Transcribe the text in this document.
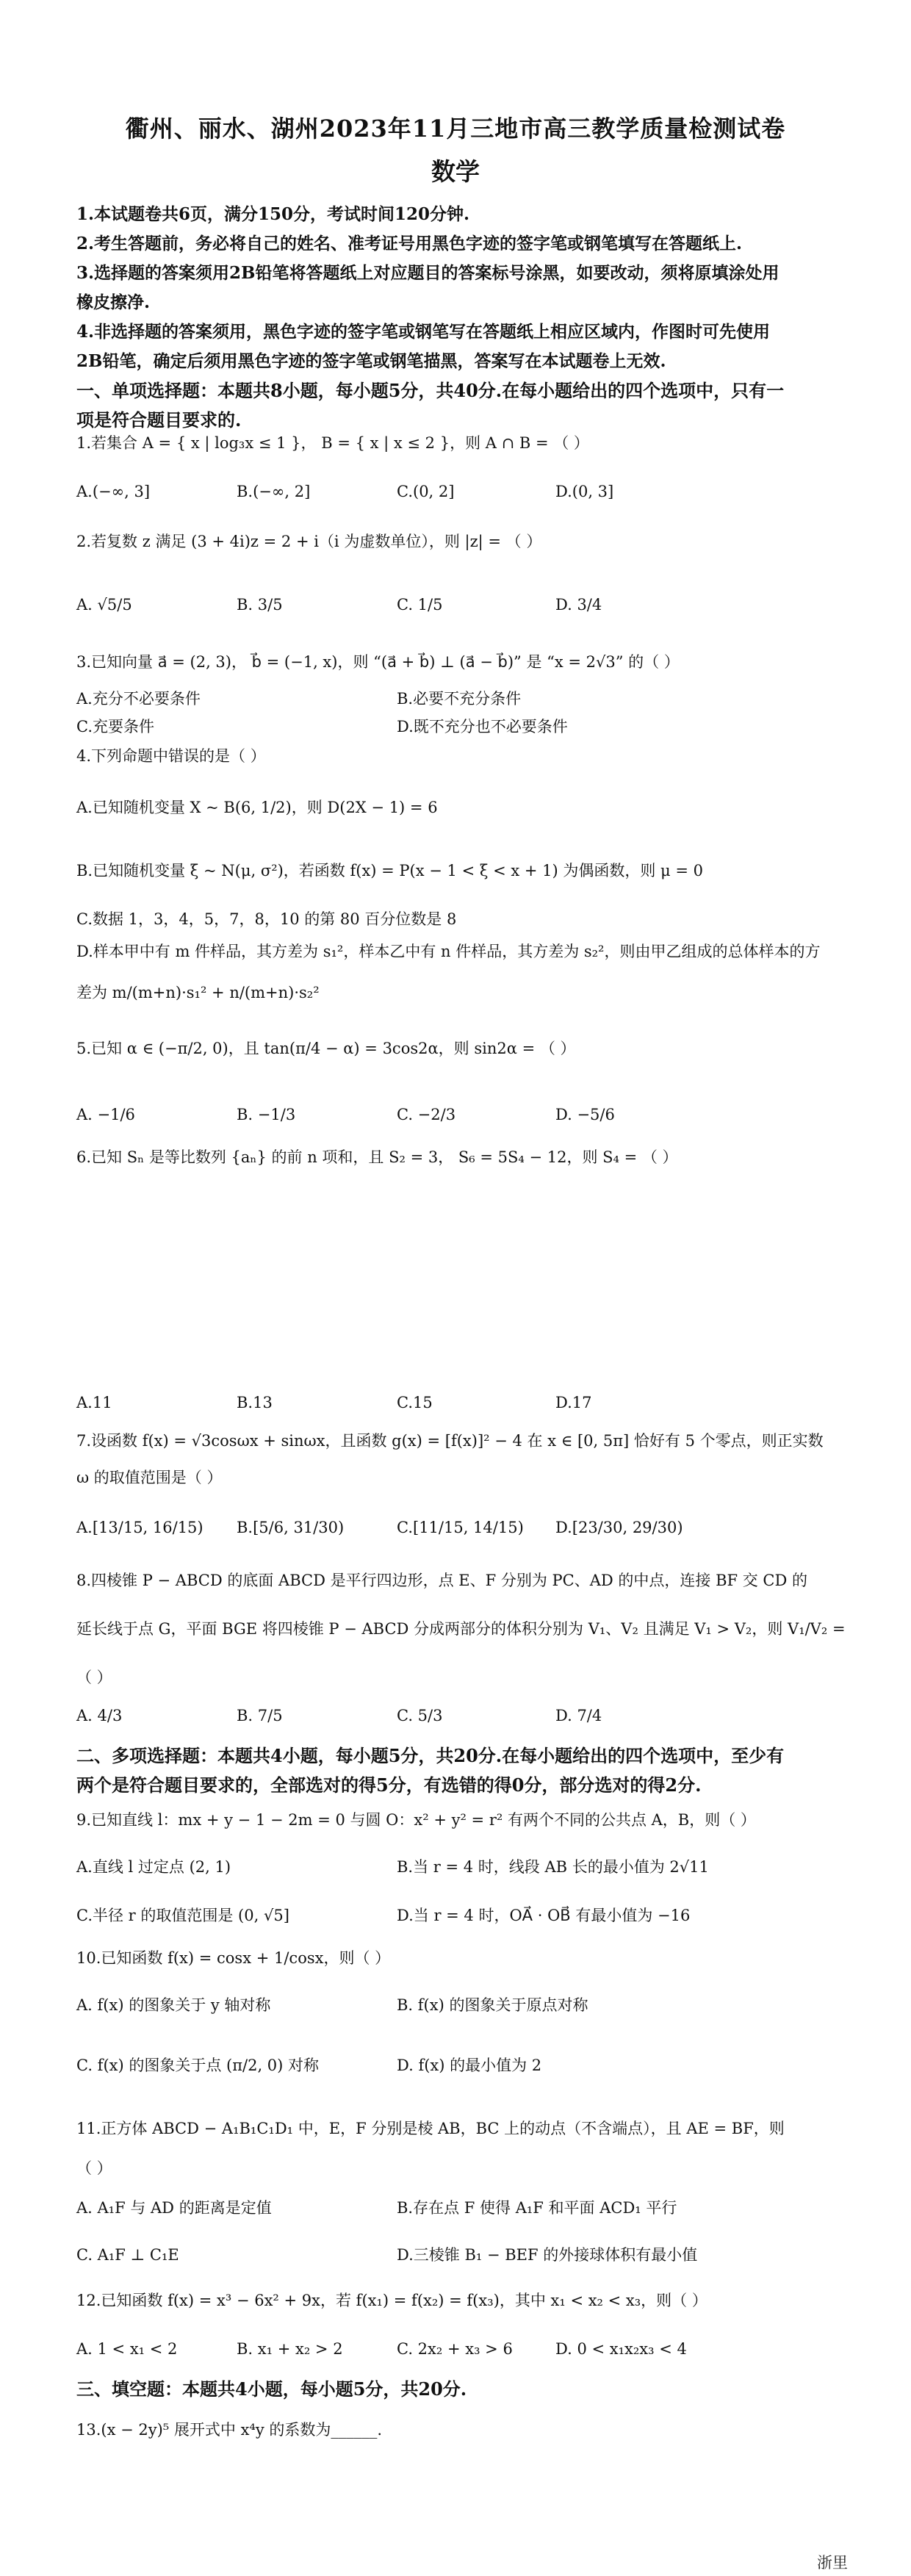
衢州、丽水、湖州2023年11月三地市高三教学质量检测试卷
数学
1.本试题卷共6页，满分150分，考试时间120分钟.
2.考生答题前，务必将自己的姓名、准考证号用黑色字迹的签字笔或钢笔填写在答题纸上.
3.选择题的答案须用2B铅笔将答题纸上对应题目的答案标号涂黑，如要改动，须将原填涂处用
橡皮擦净.
4.非选择题的答案须用，黑色字迹的签字笔或钢笔写在答题纸上相应区域内，作图时可先使用
2B铅笔，确定后须用黑色字迹的签字笔或钢笔描黑，答案写在本试题卷上无效.
一、单项选择题：本题共8小题，每小题5分，共40分.在每小题给出的四个选项中，只有一
项是符合题目要求的.
1.若集合 A = { x | log₃x ≤ 1 }， B = { x | x ≤ 2 }，则 A ∩ B = （ ）
A.(−∞, 3]	B.(−∞, 2]	C.(0, 2]	D.(0, 3]
2.若复数 z 满足 (3 + 4i)z = 2 + i（i 为虚数单位），则 |z| = （ ）
A. √5/5	B. 3/5	C. 1/5	D. 3/4
3.已知向量 a⃗ = (2, 3)， b⃗ = (−1, x)，则 “(a⃗ + b⃗) ⊥ (a⃗ − b⃗)” 是 “x = 2√3” 的（ ）
A.充分不必要条件	B.必要不充分条件
C.充要条件	D.既不充分也不必要条件
4.下列命题中错误的是（ ）
A.已知随机变量 X ~ B(6, 1/2)，则 D(2X − 1) = 6
B.已知随机变量 ξ ~ N(μ, σ²)，若函数 f(x) = P(x − 1 < ξ < x + 1) 为偶函数，则 μ = 0
C.数据 1，3，4，5，7，8，10 的第 80 百分位数是 8
D.样本甲中有 m 件样品，其方差为 s₁²，样本乙中有 n 件样品，其方差为 s₂²，则由甲乙组成的总体样本的方
差为 m/(m+n)·s₁² + n/(m+n)·s₂²
5.已知 α ∈ (−π/2, 0)，且 tan(π/4 − α) = 3cos2α，则 sin2α = （ ）
A. −1/6	B. −1/3	C. −2/3	D. −5/6
6.已知 Sₙ 是等比数列 {aₙ} 的前 n 项和，且 S₂ = 3， S₆ = 5S₄ − 12，则 S₄ = （ ）
A.11	B.13	C.15	D.17
7.设函数 f(x) = √3cosωx + sinωx，且函数 g(x) = [f(x)]² − 4 在 x ∈ [0, 5π] 恰好有 5 个零点，则正实数
ω 的取值范围是（ ）
A.[13/15, 16/15) B.[5/6, 31/30)	C.[11/15, 14/15) D.[23/30, 29/30)
8.四棱锥 P − ABCD 的底面 ABCD 是平行四边形，点 E、F 分别为 PC、AD 的中点，连接 BF 交 CD 的
延长线于点 G，平面 BGE 将四棱锥 P − ABCD 分成两部分的体积分别为 V₁、V₂ 且满足 V₁ > V₂，则 V₁/V₂ =
（ ）
A. 4/3	B. 7/5	C. 5/3	D. 7/4
二、多项选择题：本题共4小题，每小题5分，共20分.在每小题给出的四个选项中，至少有
两个是符合题目要求的，全部选对的得5分，有选错的得0分，部分选对的得2分.
9.已知直线 l：mx + y − 1 − 2m = 0 与圆 O：x² + y² = r² 有两个不同的公共点 A，B，则（ ）
A.直线 l 过定点 (2, 1)	B.当 r = 4 时，线段 AB 长的最小值为 2√11
C.半径 r 的取值范围是 (0, √5]	D.当 r = 4 时，OA⃗ · OB⃗ 有最小值为 −16
10.已知函数 f(x) = cosx + 1/cosx，则（ ）
A. f(x) 的图象关于 y 轴对称	B. f(x) 的图象关于原点对称
C. f(x) 的图象关于点 (π/2, 0) 对称	D. f(x) 的最小值为 2
11.正方体 ABCD − A₁B₁C₁D₁ 中，E，F 分别是棱 AB，BC 上的动点（不含端点），且 AE = BF，则
（ ）
A. A₁F 与 AD 的距离是定值	B.存在点 F 使得 A₁F 和平面 ACD₁ 平行
C. A₁F ⊥ C₁E	D.三棱锥 B₁ − BEF 的外接球体积有最小值
12.已知函数 f(x) = x³ − 6x² + 9x，若 f(x₁) = f(x₂) = f(x₃)，其中 x₁ < x₂ < x₃，则（ ）
A. 1 < x₁ < 2	B. x₁ + x₂ > 2	C. 2x₂ + x₃ > 6	D. 0 < x₁x₂x₃ < 4
三、填空题：本题共4小题，每小题5分，共20分.
13.(x − 2y)⁵ 展开式中 x⁴y 的系数为______.
浙里
